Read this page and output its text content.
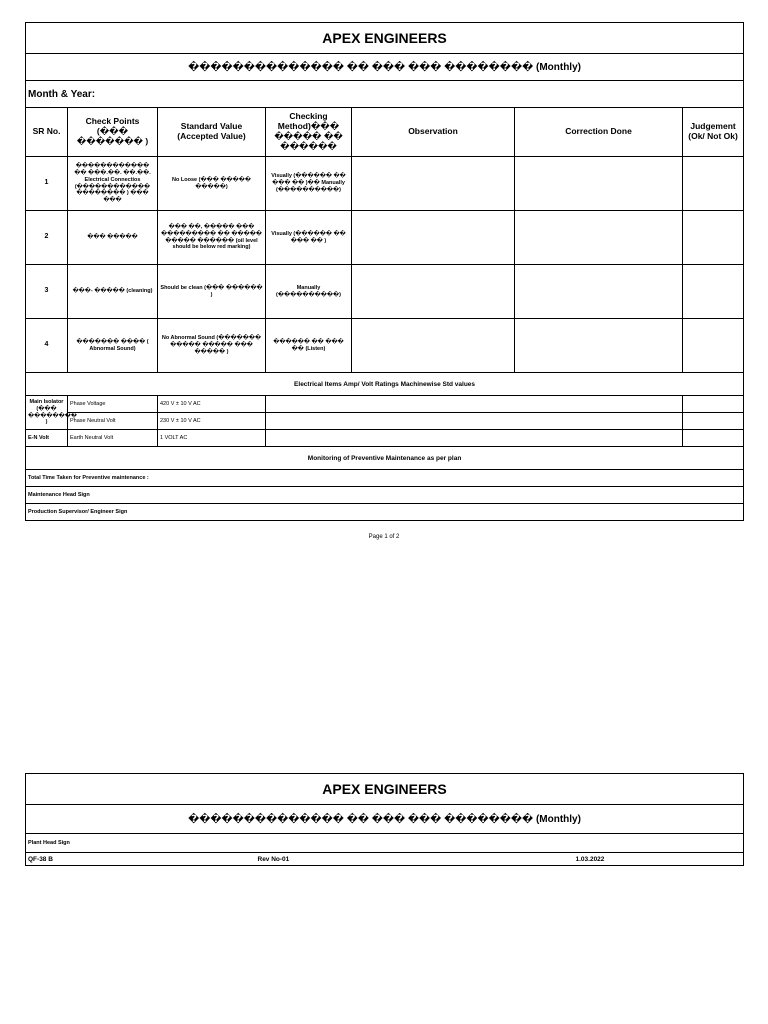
APEX ENGINEERS						
�������������� �� ��� ��� �������� (Monthly)						
Month & Year:						
SR No.	Check Points (��� ������� )	Standard Value (Accepted Value)	Checking Method)��� ����� �� ������	Observation	Correction Done	Judgement (Ok/ Not Ok)
1	������������ �� ���.��. ��.��. Electrical Connectios (������������ �������� ) ��� ���	No Loose (��� ����� �����)	Visually (������ �� ��� �� )�� Manually (����������)			
2	��� �����	��� ��, ����� ��� ��������� �� ����� ����� ������ (oil level should be below red marking)	Visually (������ �� ��� �� )			
3	���- ����� (cleaning)	Should be clean (��� ������ )	Manually (����������)			
4	������� ���� ( Abnormal Sound)	No Abnormal Sound (������� ����� ����� ��� ����� )	������ �� ��� �� (Listen)			
Electrical Items Amp/ Volt Ratings Machinewise Std values						
Main Isolator (��� �������� )	Phase Voltage	420 V ± 10 V AC				
	Phase Neutral Volt	230 V ± 10 V AC				
E-N Volt	Earth Neutral Volt	1 VOLT AC				
Monitoring of Preventive Maintenance as per plan						
Total Time Taken for Preventive maintenance :						
Maintenance Head Sign						
Production Supervisor/ Engineer Sign						
Page 1 of 2
APEX ENGINEERS
�������������� �� ��� ��� �������� (Monthly)
Plant Head Sign
QF-38 B	Rev No-01	1.03.2022
